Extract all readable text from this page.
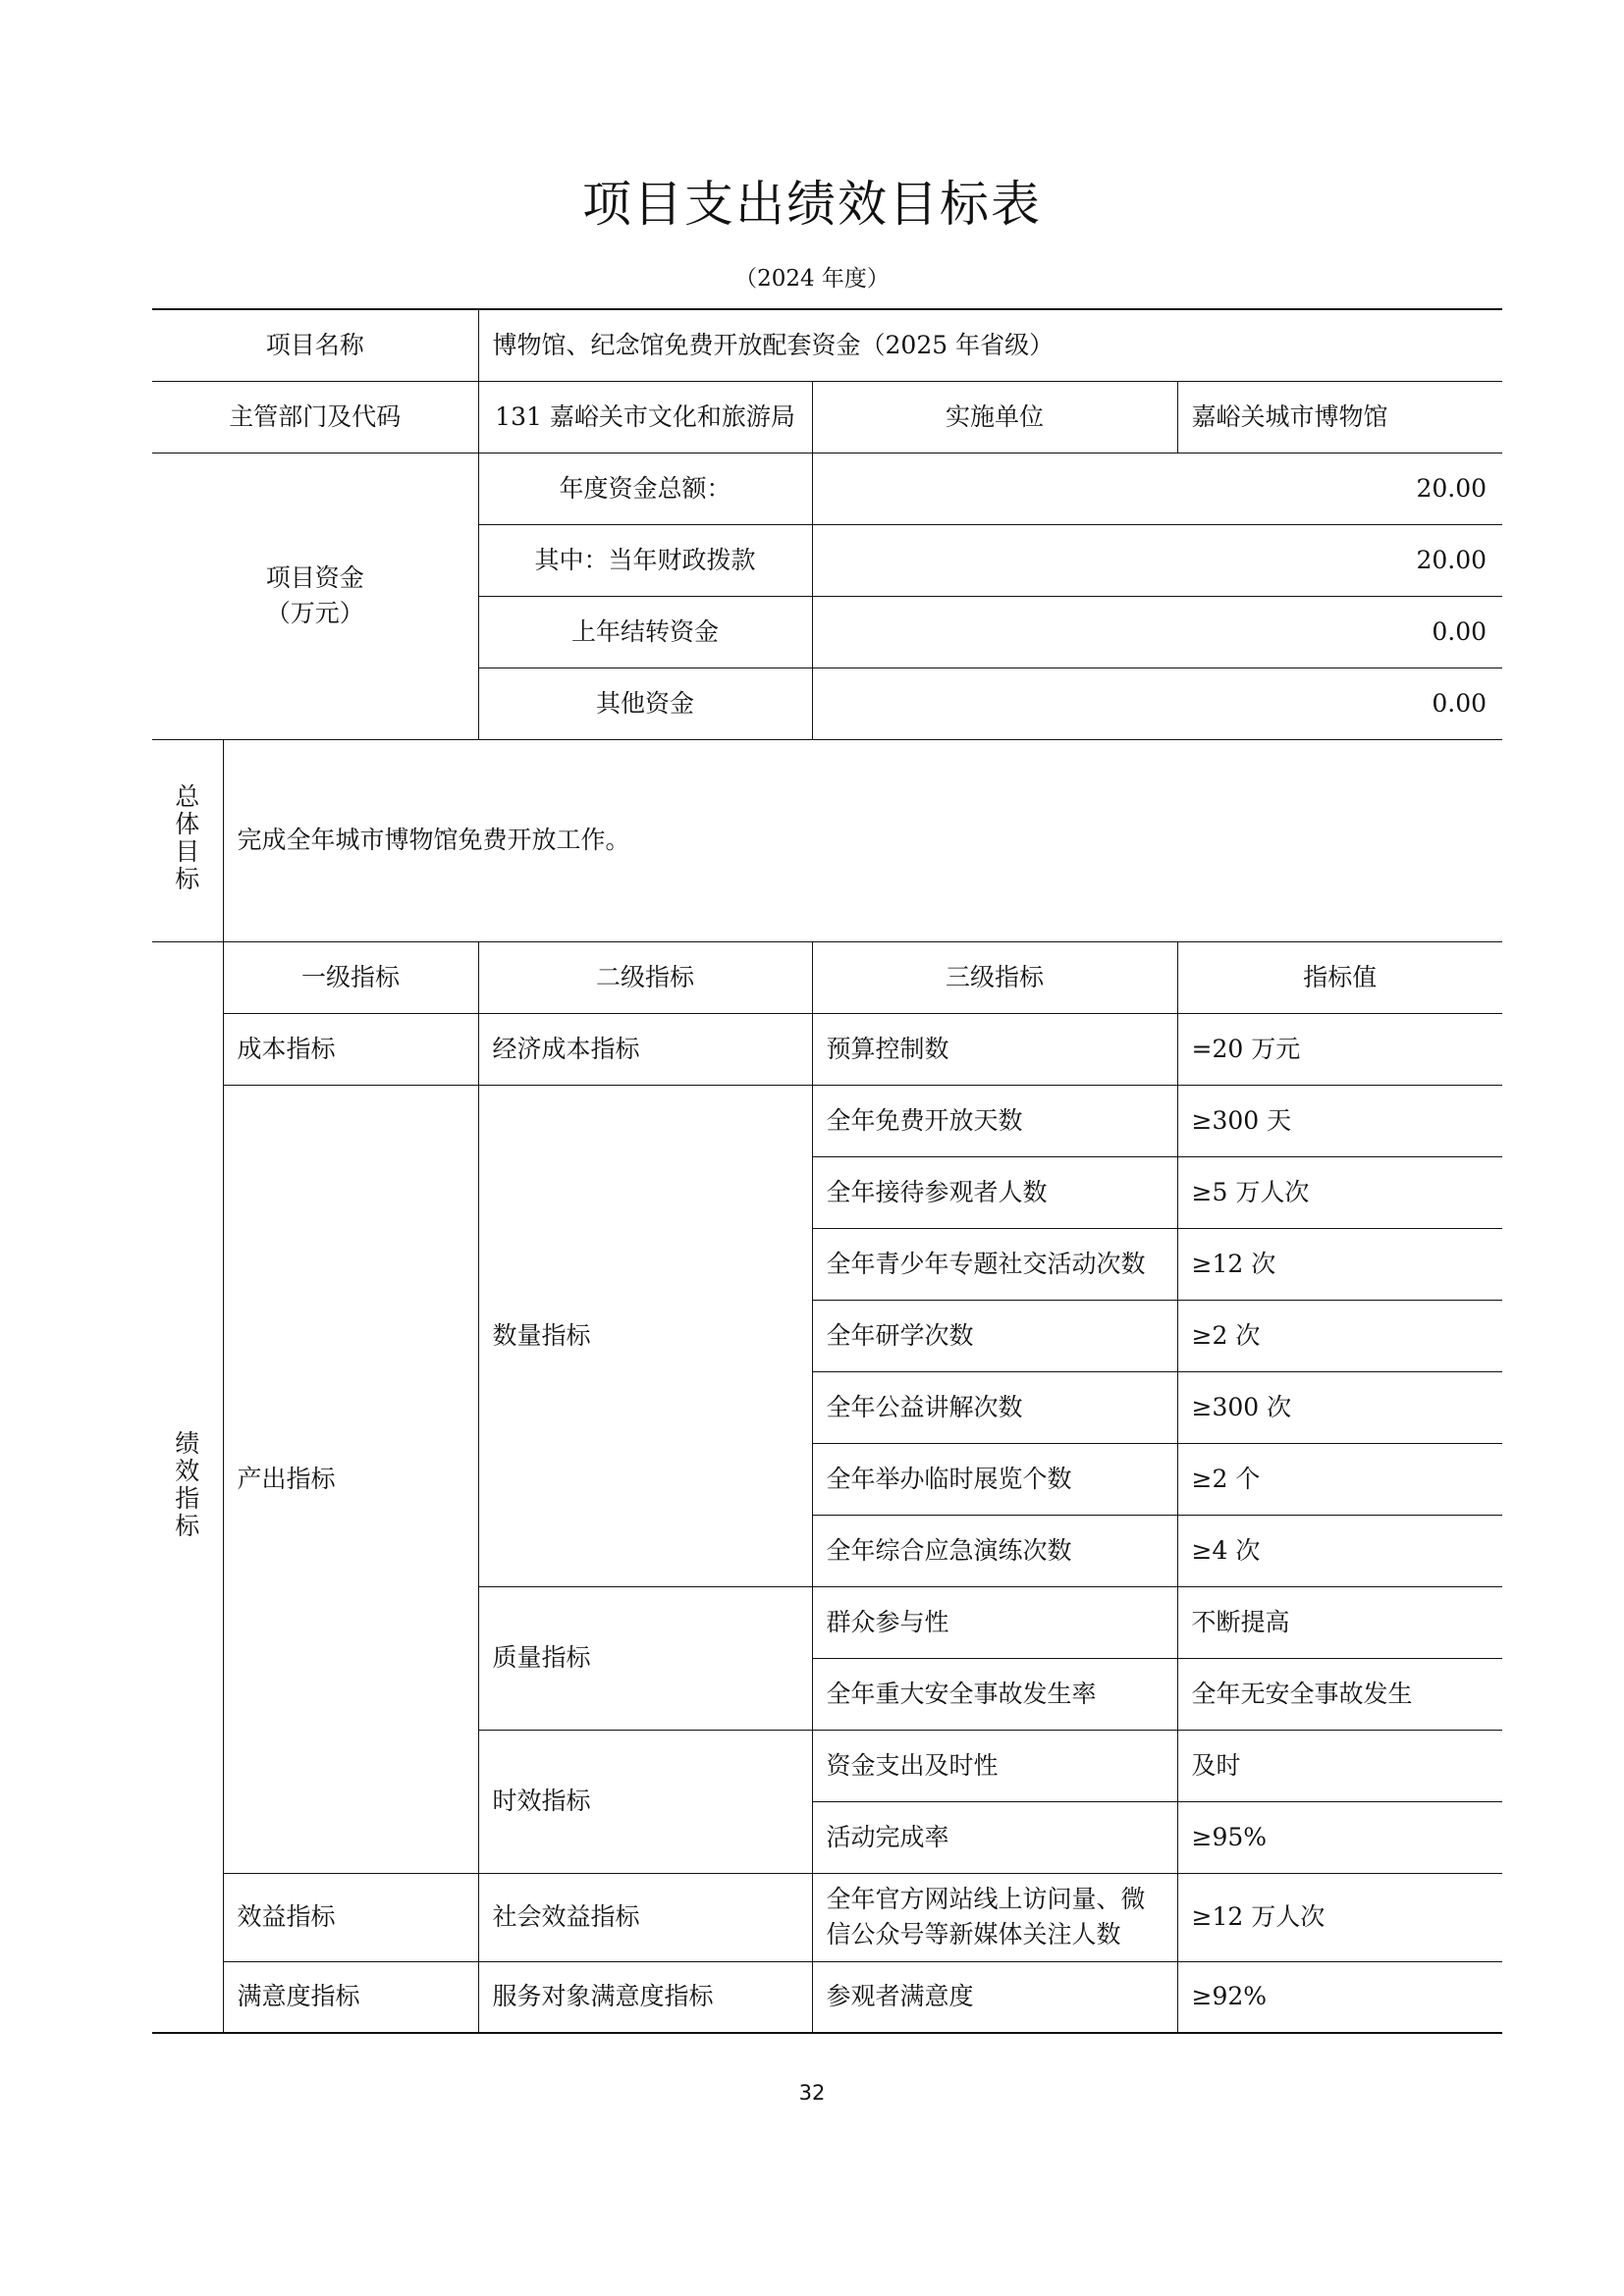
项目支出绩效目标表
（2024 年度）
项目名称		博物馆、纪念馆免费开放配套资金（2025 年省级）		
主管部门及代码		131 嘉峪关市文化和旅游局	实施单位	嘉峪关城市博物馆

项目资金
（万元）		年度资金总额：	20.00	
		其中：当年财政拨款	20.00	
		上年结转资金	0.00	
		其他资金	0.00	
总体目标	完成全年城市博物馆免费开放工作。			
绩效指标	一级指标	二级指标	三级指标	指标值
	成本指标	经济成本指标	预算控制数	=20 万元
	产出指标	数量指标	全年免费开放天数	≥300 天
			全年接待参观者人数	≥5 万人次
			全年青少年专题社交活动次数	≥12 次
			全年研学次数	≥2 次
			全年公益讲解次数	≥300 次
			全年举办临时展览个数	≥2 个
			全年综合应急演练次数	≥4 次
		质量指标	群众参与性	不断提高
			全年重大安全事故发生率	全年无安全事故发生
		时效指标	资金支出及时性	及时
			活动完成率	≥95%
	效益指标	社会效益指标	全年官方网站线上访问量、微信公众号等新媒体关注人数	≥12 万人次
	满意度指标	服务对象满意度指标	参观者满意度	≥92%
32
